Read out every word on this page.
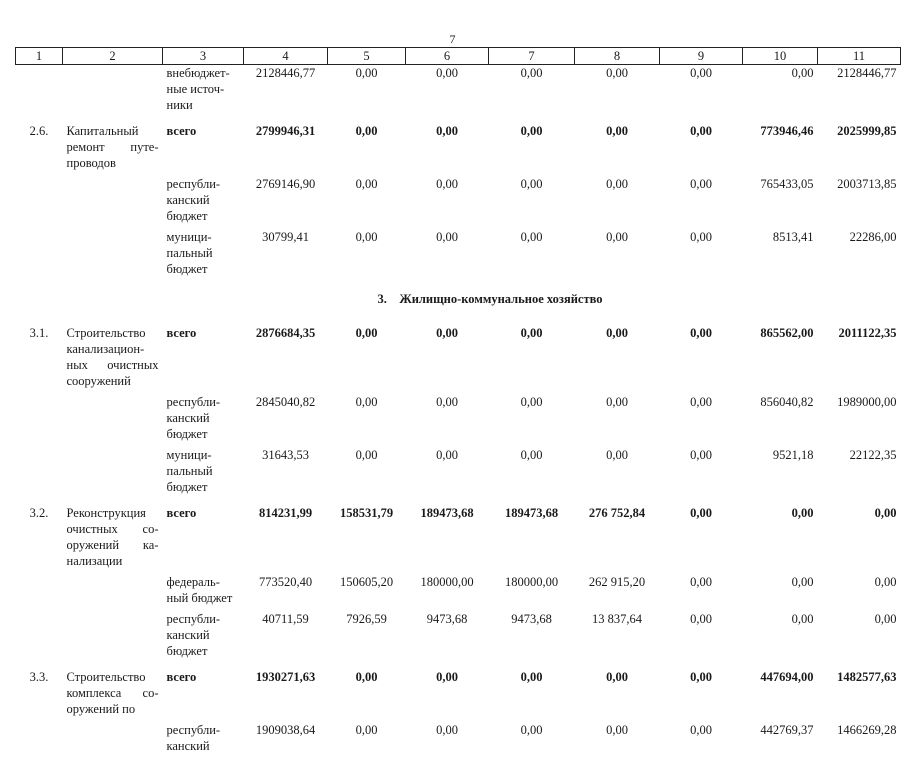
7
1	2	3	4	5	6	7	8	9	10	11
		внебюджет-ные источ-ники	2128446,77	0,00	0,00	0,00	0,00	0,00	0,00	2128446,77

2.6.	Капитальный ремонт путе-проводов	всего	2799946,31	0,00	0,00	0,00	0,00	0,00	773946,46	2025999,85

		республи-канский бюджет	2769146,90	0,00	0,00	0,00	0,00	0,00	765433,05	2003713,85

		муници-пальный бюджет	30799,41	0,00	0,00	0,00	0,00	0,00	8513,41	22286,00

		3.    Жилищно-коммунальное хозяйство								
3.1.	Строительство канализацион-ных очистных сооружений	всего	2876684,35	0,00	0,00	0,00	0,00	0,00	865562,00	2011122,35

		республи-канский бюджет	2845040,82	0,00	0,00	0,00	0,00	0,00	856040,82	1989000,00

		муници-пальный бюджет	31643,53	0,00	0,00	0,00	0,00	0,00	9521,18	22122,35

3.2.	Реконструкция очистных со-оружений ка-нализации	всего	814231,99	158531,79	189473,68	189473,68	276 752,84	0,00	0,00	0,00

		федераль-ный бюджет	773520,40	150605,20	180000,00	180000,00	262 915,20	0,00	0,00	0,00

		республи-канский бюджет	40711,59	7926,59	9473,68	9473,68	13 837,64	0,00	0,00	0,00

3.3.	Строительство комплекса со-оружений по	всего	1930271,63	0,00	0,00	0,00	0,00	0,00	447694,00	1482577,63

		республи-канский	1909038,64	0,00	0,00	0,00	0,00	0,00	442769,37	1466269,28
